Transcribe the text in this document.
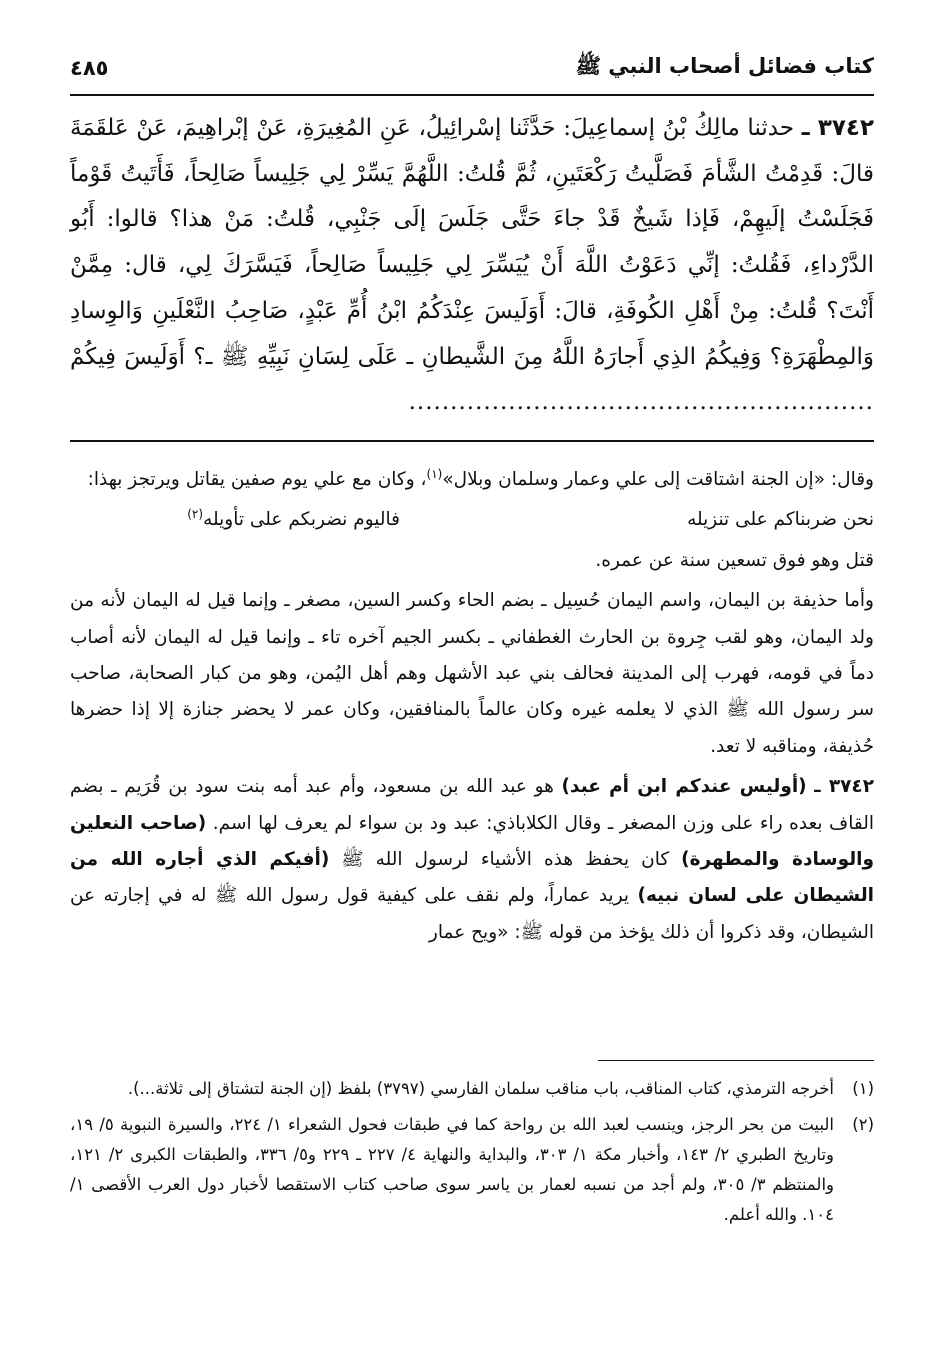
كتاب فضائل أصحاب النبي ﷺ
٤٨٥

٣٧٤٢ ـ حدثنا مالِكُ بْنُ إسماعِيلَ: حَدَّثَنا إسْرائِيلُ، عَنِ المُغِيرَةِ، عَنْ إبْراهِيمَ، عَنْ عَلقَمَةَ قالَ: قَدِمْتُ الشَّأمَ فَصَلَّيتُ رَكْعَتَينِ، ثُمَّ قُلتُ: اللَّهُمَّ يَسِّرْ لِي جَلِيساً صَالِحاً، فَأَتَيتُ قَوْماً فَجَلَسْتُ إلَيهِمْ، فَإذا شَيخٌ قَدْ جاءَ حَتَّى جَلَسَ إلَى جَنْبِي، قُلتُ: مَنْ هذا؟ قالوا: أَبُو الدَّرْداءِ، فَقُلتُ: إنِّي دَعَوْتُ اللَّهَ أَنْ يُيَسِّرَ لِي جَلِيساً صَالِحاً، فَيَسَّرَكَ لِي، قال: مِمَّنْ أَنْتَ؟ قُلتُ: مِنْ أَهْلِ الكُوفَةِ، قالَ: أَوَلَيسَ عِنْدَكُمُ ابْنُ أُمِّ عَبْدٍ، صَاحِبُ النَّعْلَينِ وَالوِسادِ وَالمِطْهَرَةِ؟ وَفِيكُمُ الذِي أَجارَهُ اللَّهُ مِنَ الشَّيطانِ ـ عَلَى لِسَانِ نَبِيِّهِ ﷺ ـ؟ أَوَلَيسَ فِيكُمْ ........................................................

وقال: «إن الجنة اشتاقت إلى علي وعمار وسلمان وبلال»$^{(١)}$، وكان مع علي يوم صفين يقاتل ويرتجز بهذا:

نحن ضربناكم على تنزيله
فاليوم نضربكم على تأويله$^{(٢)}$

قتل وهو فوق تسعين سنة عن عمره.

وأما حذيفة بن اليمان، واسم اليمان حُسِيل ـ بضم الحاء وكسر السين، مصغر ـ وإنما قيل له اليمان لأنه من ولد اليمان، وهو لقب جِروة بن الحارث الغطفاني ـ بكسر الجيم آخره تاء ـ وإنما قيل له اليمان لأنه أصاب دماً في قومه، فهرب إلى المدينة فحالف بني عبد الأشهل وهم أهل اليُمن، وهو من كبار الصحابة، صاحب سر رسول الله ﷺ الذي لا يعلمه غيره وكان عالماً بالمنافقين، وكان عمر لا يحضر جنازة إلا إذا حضرها حُذيفة، ومناقبه لا تعد.

٣٧٤٢ ـ (أوليس عندكم ابن أم عبد) هو عبد الله بن مسعود، وأم عبد أمه بنت سود بن قُرَيم ـ بضم القاف بعده راء على وزن المصغر ـ وقال الكلاباذي: عبد ود بن سواء لم يعرف لها اسم. (صاحب النعلين والوسادة والمطهرة) كان يحفظ هذه الأشياء لرسول الله ﷺ (أفيكم الذي أجاره الله من الشيطان على لسان نبيه) يريد عماراً، ولم نقف على كيفية قول رسول الله ﷺ له في إجارته عن الشيطان، وقد ذكروا أن ذلك يؤخذ من قوله ﷺ: «ويح عمار

(١)
أخرجه الترمذي، كتاب المناقب، باب مناقب سلمان الفارسي (٣٧٩٧) بلفظ (إن الجنة لتشتاق إلى ثلاثة...).
(٢)
البيت من بحر الرجز، وينسب لعبد الله بن رواحة كما في طبقات فحول الشعراء ١/ ٢٢٤، والسيرة النبوية ٥/ ١٩، وتاريخ الطبري ٢/ ١٤٣، وأخبار مكة ١/ ٣٠٣، والبداية والنهاية ٤/ ٢٢٧ ـ ٢٢٩ و٥/ ٣٣٦، والطبقات الكبرى ٢/ ١٢١، والمنتظم ٣/ ٣٠٥، ولم أجد من نسبه لعمار بن ياسر سوى صاحب كتاب الاستقصا لأخبار دول العرب الأقصى ١/ ١٠٤. والله أعلم.
